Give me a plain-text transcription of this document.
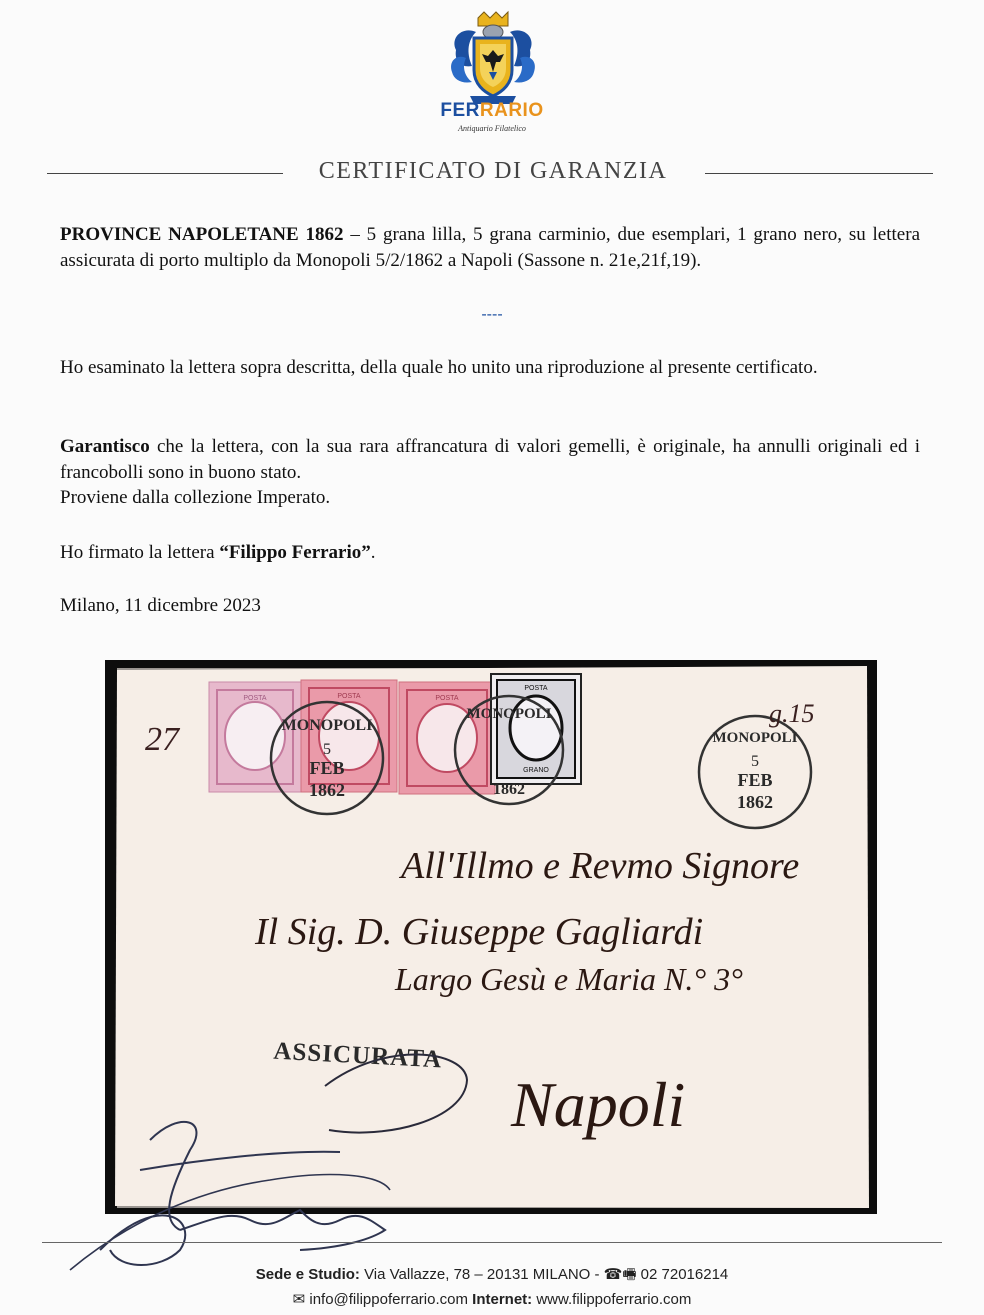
FERRARIO
Antiquario Filatelico
CERTIFICATO DI GARANZIA
PROVINCE NAPOLETANE 1862 – 5 grana lilla, 5 grana carminio, due esemplari, 1 grano nero, su lettera assicurata di porto multiplo da Monopoli 5/2/1862 a Napoli (Sassone n. 21e,21f,19).
----
Ho esaminato la lettera sopra descritta, della quale ho unito una riproduzione al presente certificato.
Garantisco che la lettera, con la sua rara affrancatura di valori gemelli, è originale, ha annulli originali ed i francobolli sono in buono stato.
Proviene dalla collezione Imperato.
Ho firmato la lettera “Filippo Ferrario”.
Milano, 11 dicembre 2023
POSTA	POSTA	POSTA
POSTA
GRANO
MONOPOLI
5
FEB
1862
MONOPOLI
1862
MONOPOLI
5
FEB
1862
27
g.15
All'Illmo e Revmo Signore
Il Sig. D. Giuseppe Gagliardi
Largo Gesù e Maria N.° 3°
Napoli
ASSICURATA
Sede e Studio: Via Vallazze, 78 – 20131 MILANO - ☎🖷 02 72016214
✉ info@filippoferrario.com Internet: www.filippoferrario.com
